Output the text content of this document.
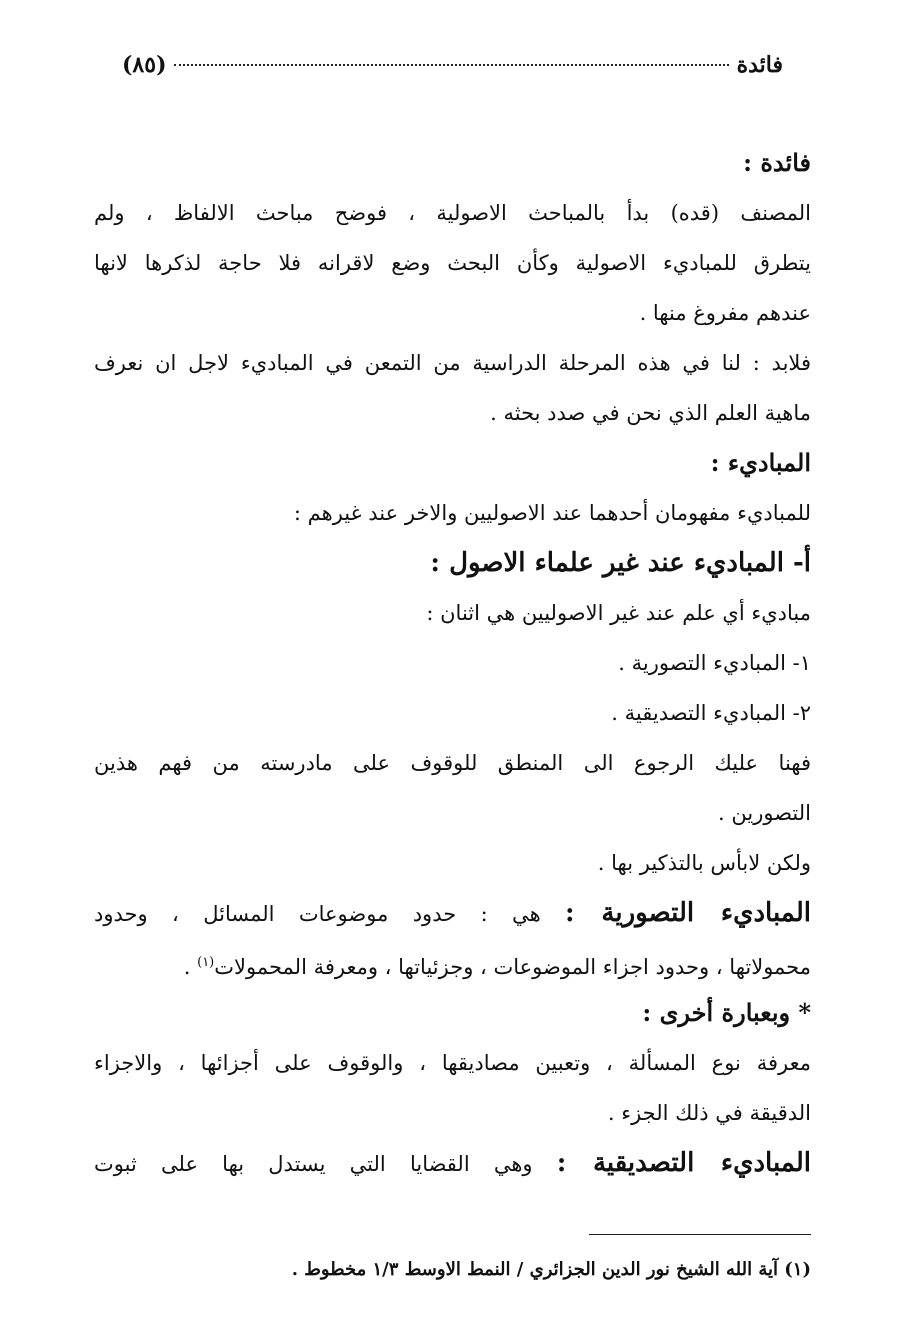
فائدة
(٨٥)
فائدة :
المصنف (قده) بدأ بالمباحث الاصولية ، فوضح مباحث الالفاظ ، ولم
يتطرق للمباديء الاصولية وكأن البحث وضع لاقرانه فلا حاجة لذكرها لانها
عندهم مفروغ منها .
فلابد : لنا في هذه المرحلة الدراسية من التمعن في المباديء لاجل ان نعرف
ماهية العلم الذي نحن في صدد بحثه .
المباديء :
للمباديء مفهومان أحدهما عند الاصوليين والاخر عند غيرهم :
أ- المباديء عند غير علماء الاصول :
مباديء أي علم عند غير الاصوليين هي اثنان :
١- المباديء التصورية .
٢- المباديء التصديقية .
فهنا عليك الرجوع الى المنطق للوقوف على مادرسته من فهم هذين
التصورين .
ولكن لابأس بالتذكير بها .
المباديء التصورية : هي : حدود موضوعات المسائل ، وحدود
محمولاتها ، وحدود اجزاء الموضوعات ، وجزئياتها ، ومعرفة المحمولات$^{(١)}$ .
* وبعبارة أخرى :
معرفة نوع المسألة ، وتعبين مصاديقها ، والوقوف على أجزائها ، والاجزاء
الدقيقة في ذلك الجزء .
المباديء التصديقية : وهي القضايا التي يستدل بها على ثبوت
(١) آية الله الشيخ نور الدين الجزائري / النمط الاوسط ١/٣ مخطوط .
